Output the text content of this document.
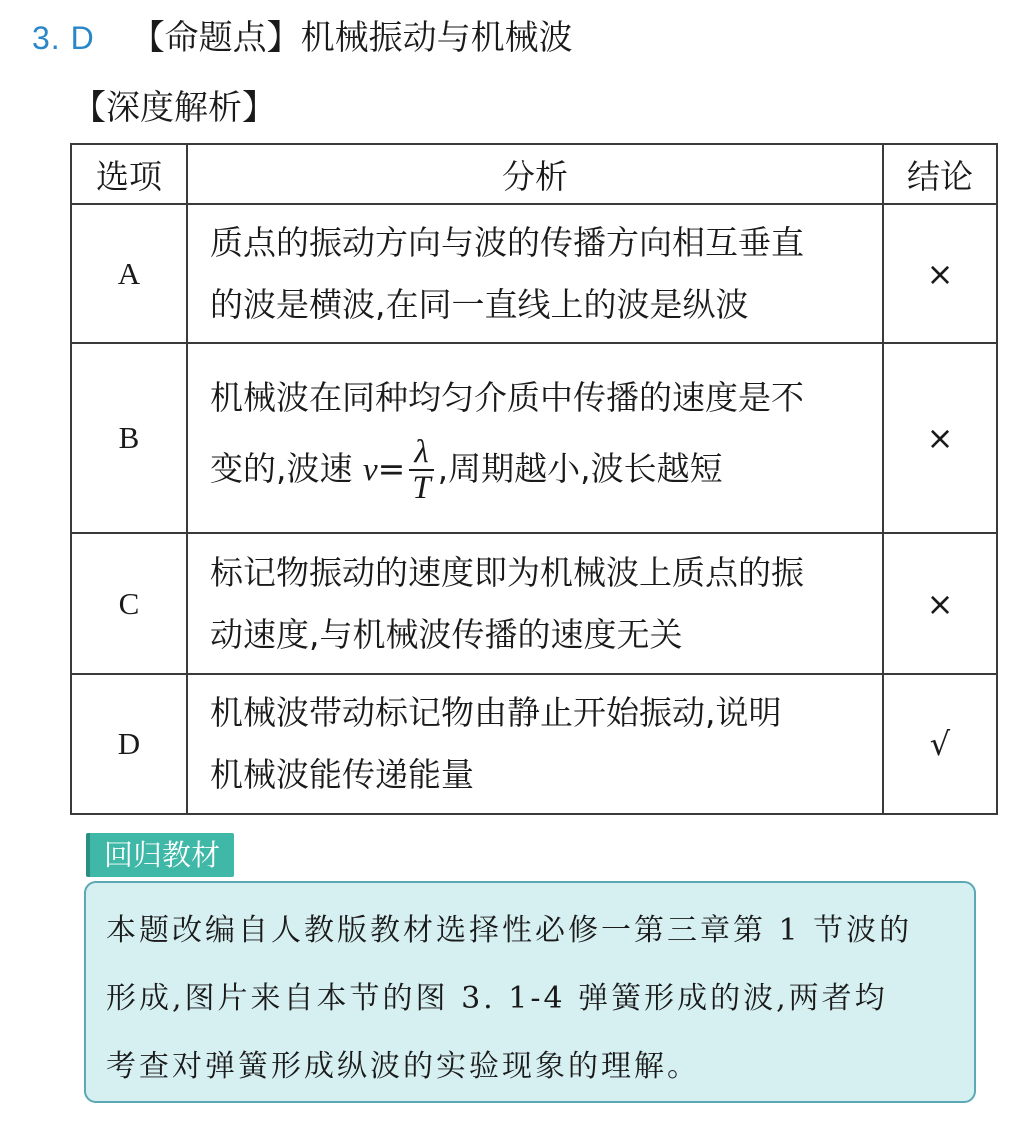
3. D 【命题点】机械振动与机械波
【深度解析】
选项	分析	结论
A	质点的振动方向与波的传播方向相互垂直
的波是横波,在同一直线上的波是纵波	×
B	机械波在同种均匀介质中传播的速度是不
变的,波速 $v= \frac{\lambda}{T}$ ,周期越小,波长越短	×
C	标记物振动的速度即为机械波上质点的振
动速度,与机械波传播的速度无关	×
D	机械波带动标记物由静止开始振动,说明
机械波能传递能量	√
回归教材
本题改编自人教版教材选择性必修一第三章第 1 节波的
形成,图片来自本节的图 3. 1-4 弹簧形成的波,两者均
考查对弹簧形成纵波的实验现象的理解。
